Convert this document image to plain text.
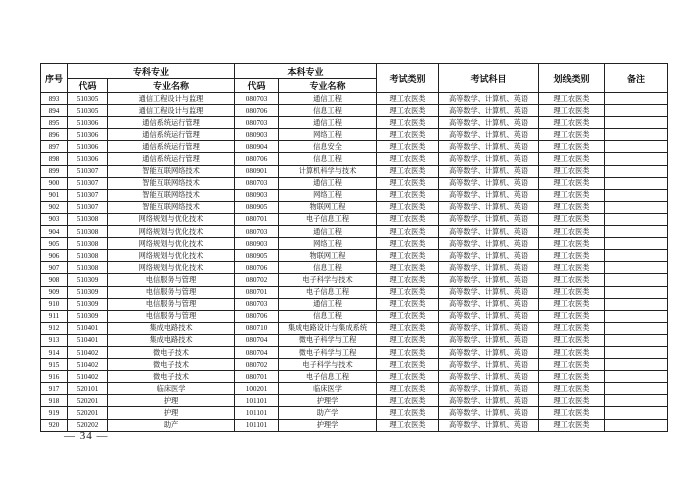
序号	专科专业		本科专业		考试类别	考试科目	划线类别	备注
	代码	专业名称	代码	专业名称				
893	510305	通信工程设计与监理	080703	通信工程	理工农医类	高等数学、计算机、英语	理工农医类	
894	510305	通信工程设计与监理	080706	信息工程	理工农医类	高等数学、计算机、英语	理工农医类	
895	510306	通信系统运行管理	080703	通信工程	理工农医类	高等数学、计算机、英语	理工农医类	
896	510306	通信系统运行管理	080903	网络工程	理工农医类	高等数学、计算机、英语	理工农医类	
897	510306	通信系统运行管理	080904	信息安全	理工农医类	高等数学、计算机、英语	理工农医类	
898	510306	通信系统运行管理	080706	信息工程	理工农医类	高等数学、计算机、英语	理工农医类	
899	510307	智能互联网络技术	080901	计算机科学与技术	理工农医类	高等数学、计算机、英语	理工农医类	
900	510307	智能互联网络技术	080703	通信工程	理工农医类	高等数学、计算机、英语	理工农医类	
901	510307	智能互联网络技术	080903	网络工程	理工农医类	高等数学、计算机、英语	理工农医类	
902	510307	智能互联网络技术	080905	物联网工程	理工农医类	高等数学、计算机、英语	理工农医类	
903	510308	网络规划与优化技术	080701	电子信息工程	理工农医类	高等数学、计算机、英语	理工农医类	
904	510308	网络规划与优化技术	080703	通信工程	理工农医类	高等数学、计算机、英语	理工农医类	
905	510308	网络规划与优化技术	080903	网络工程	理工农医类	高等数学、计算机、英语	理工农医类	
906	510308	网络规划与优化技术	080905	物联网工程	理工农医类	高等数学、计算机、英语	理工农医类	
907	510308	网络规划与优化技术	080706	信息工程	理工农医类	高等数学、计算机、英语	理工农医类	
908	510309	电信服务与管理	080702	电子科学与技术	理工农医类	高等数学、计算机、英语	理工农医类	
909	510309	电信服务与管理	080701	电子信息工程	理工农医类	高等数学、计算机、英语	理工农医类	
910	510309	电信服务与管理	080703	通信工程	理工农医类	高等数学、计算机、英语	理工农医类	
911	510309	电信服务与管理	080706	信息工程	理工农医类	高等数学、计算机、英语	理工农医类	
912	510401	集成电路技术	080710	集成电路设计与集成系统	理工农医类	高等数学、计算机、英语	理工农医类	
913	510401	集成电路技术	080704	微电子科学与工程	理工农医类	高等数学、计算机、英语	理工农医类	
914	510402	微电子技术	080704	微电子科学与工程	理工农医类	高等数学、计算机、英语	理工农医类	
915	510402	微电子技术	080702	电子科学与技术	理工农医类	高等数学、计算机、英语	理工农医类	
916	510402	微电子技术	080701	电子信息工程	理工农医类	高等数学、计算机、英语	理工农医类	
917	520101	临床医学	100201	临床医学	理工农医类	高等数学、计算机、英语	理工农医类	
918	520201	护理	101101	护理学	理工农医类	高等数学、计算机、英语	理工农医类	
919	520201	护理	101101	助产学	理工农医类	高等数学、计算机、英语	理工农医类	
920	520202	助产	101101	护理学	理工农医类	高等数学、计算机、英语	理工农医类	
— 34 —
